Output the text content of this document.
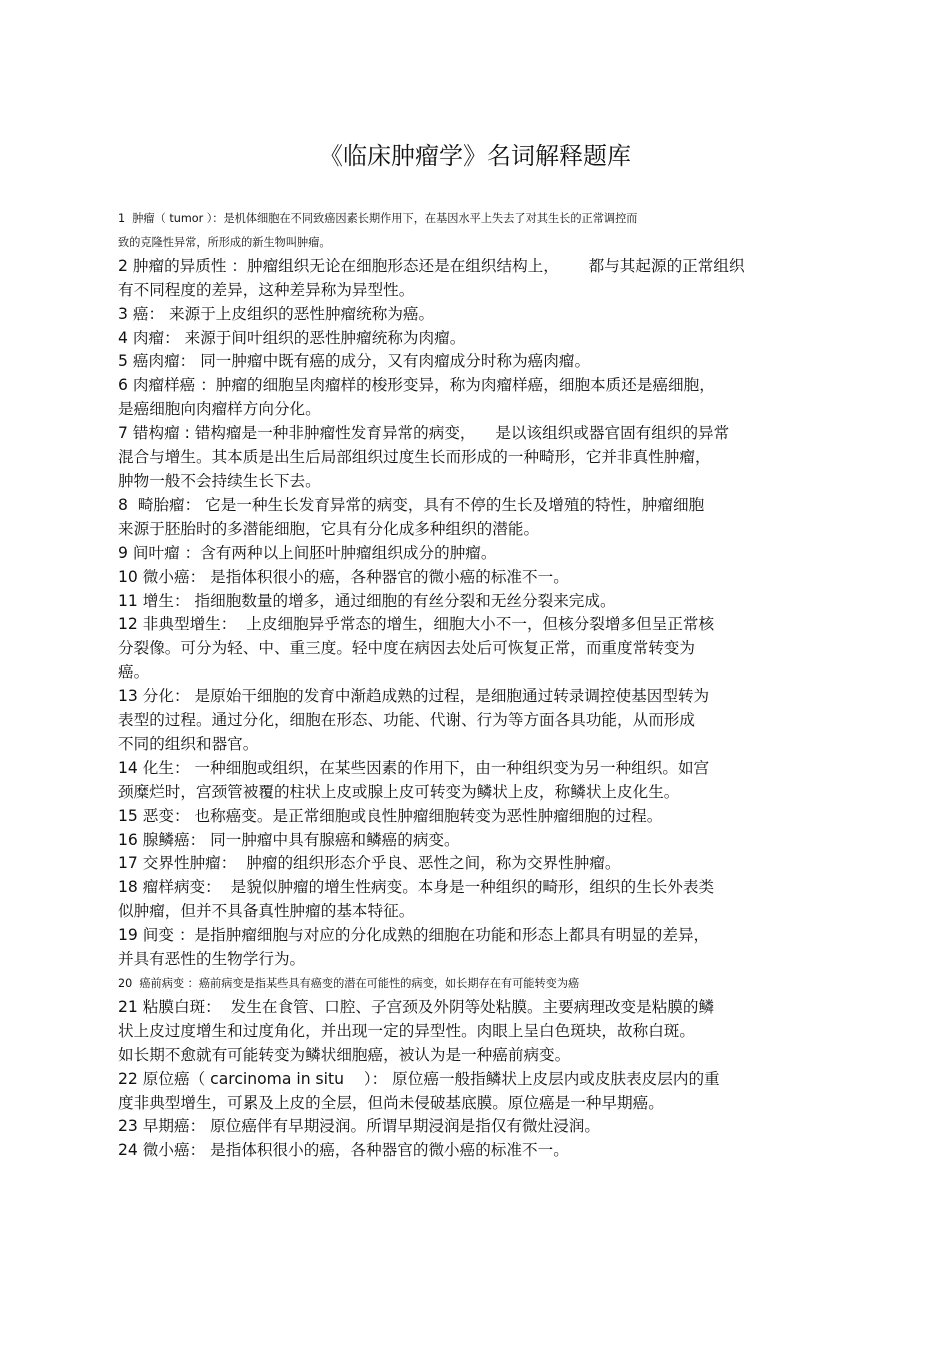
《临床肿瘤学》名词解释题库

1  肿瘤（ tumor ）：是机体细胞在不同致癌因素长期作用下，在基因水平上失去了对其生长的正常调控而

致的克隆性异常，所形成的新生物叫肿瘤。

2 肿瘤的异质性 ：肿瘤组织无论在细胞形态还是在组织结构上，      都与其起源的正常组织

有不同程度的差异，这种差异称为异型性。

3 癌： 来源于上皮组织的恶性肿瘤统称为癌。

4 肉瘤： 来源于间叶组织的恶性肿瘤统称为肉瘤。

5 癌肉瘤： 同一肿瘤中既有癌的成分，又有肉瘤成分时称为癌肉瘤。

6 肉瘤样癌 ：肿瘤的细胞呈肉瘤样的梭形变异，称为肉瘤样癌，细胞本质还是癌细胞，

是癌细胞向肉瘤样方向分化。

7 错构瘤 : 错构瘤是一种非肿瘤性发育异常的病变，    是以该组织或器官固有组织的异常

混合与增生。其本质是出生后局部组织过度生长而形成的一种畸形，它并非真性肿瘤，

肿物一般不会持续生长下去。

8  畸胎瘤： 它是一种生长发育异常的病变，具有不停的生长及增殖的特性，肿瘤细胞

来源于胚胎时的多潜能细胞，它具有分化成多种组织的潜能。

9 间叶瘤 ：含有两种以上间胚叶肿瘤组织成分的肿瘤。

10 微小癌： 是指体积很小的癌，各种器官的微小癌的标准不一。

11 增生： 指细胞数量的增多，通过细胞的有丝分裂和无丝分裂来完成。

12 非典型增生：  上皮细胞异乎常态的增生，细胞大小不一，但核分裂增多但呈正常核

分裂像。可分为轻、中、重三度。轻中度在病因去处后可恢复正常，而重度常转变为

癌。

13 分化： 是原始干细胞的发育中渐趋成熟的过程，是细胞通过转录调控使基因型转为

表型的过程。通过分化，细胞在形态、功能、代谢、行为等方面各具功能，从而形成

不同的组织和器官。

14 化生： 一种细胞或组织，在某些因素的作用下，由一种组织变为另一种组织。如宫

颈糜烂时，宫颈管被覆的柱状上皮或腺上皮可转变为鳞状上皮，称鳞状上皮化生。

15 恶变： 也称癌变。是正常细胞或良性肿瘤细胞转变为恶性肿瘤细胞的过程。

16 腺鳞癌： 同一肿瘤中具有腺癌和鳞癌的病变。

17 交界性肿瘤：  肿瘤的组织形态介乎良、恶性之间，称为交界性肿瘤。

18 瘤样病变：  是貌似肿瘤的增生性病变。本身是一种组织的畸形，组织的生长外表类

似肿瘤，但并不具备真性肿瘤的基本特征。

19 间变 ：是指肿瘤细胞与对应的分化成熟的细胞在功能和形态上都具有明显的差异，

并具有恶性的生物学行为。

20  癌前病变 ：癌前病变是指某些具有癌变的潜在可能性的病变，如长期存在有可能转变为癌

21 粘膜白斑：  发生在食管、口腔、子宫颈及外阴等处粘膜。主要病理改变是粘膜的鳞

状上皮过度增生和过度角化，并出现一定的异型性。肉眼上呈白色斑块，故称白斑。

如长期不愈就有可能转变为鳞状细胞癌，被认为是一种癌前病变。

22 原位癌（ carcinoma in situ    ）： 原位癌一般指鳞状上皮层内或皮肤表皮层内的重

度非典型增生，可累及上皮的全层，但尚未侵破基底膜。原位癌是一种早期癌。

23 早期癌： 原位癌伴有早期浸润。所谓早期浸润是指仅有微灶浸润。

24 微小癌： 是指体积很小的癌，各种器官的微小癌的标准不一。
